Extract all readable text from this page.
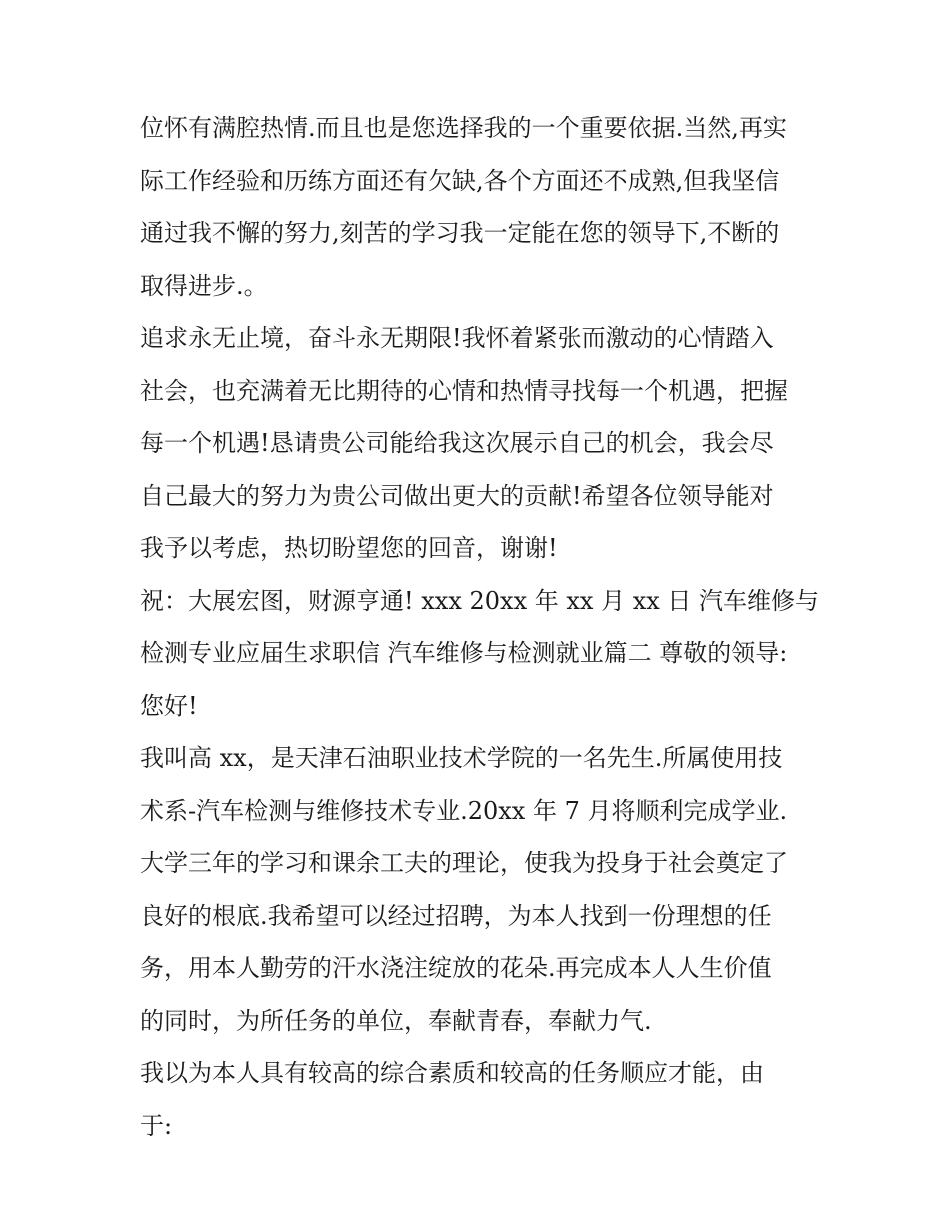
位怀有满腔热情.而且也是您选择我的一个重要依据.当然,再实
际工作经验和历练方面还有欠缺,各个方面还不成熟,但我坚信
通过我不懈的努力,刻苦的学习我一定能在您的领导下,不断的
取得进步.。
追求永无止境，奋斗永无期限!我怀着紧张而激动的心情踏入
社会，也充满着无比期待的心情和热情寻找每一个机遇，把握
每一个机遇!恳请贵公司能给我这次展示自己的机会，我会尽
自己最大的努力为贵公司做出更大的贡献!希望各位领导能对
我予以考虑，热切盼望您的回音，谢谢!
祝：大展宏图，财源亨通! xxx 20xx 年 xx 月 xx 日 汽车维修与
检测专业应届生求职信 汽车维修与检测就业篇二 尊敬的领导:
您好!
我叫高 xx，是天津石油职业技术学院的一名先生.所属使用技
术系-汽车检测与维修技术专业.20xx 年 7 月将顺利完成学业.
大学三年的学习和课余工夫的理论，使我为投身于社会奠定了
良好的根底.我希望可以经过招聘，为本人找到一份理想的任
务，用本人勤劳的汗水浇注绽放的花朵.再完成本人人生价值
的同时，为所任务的单位，奉献青春，奉献力气.
我以为本人具有较高的综合素质和较高的任务顺应才能，由
于:
